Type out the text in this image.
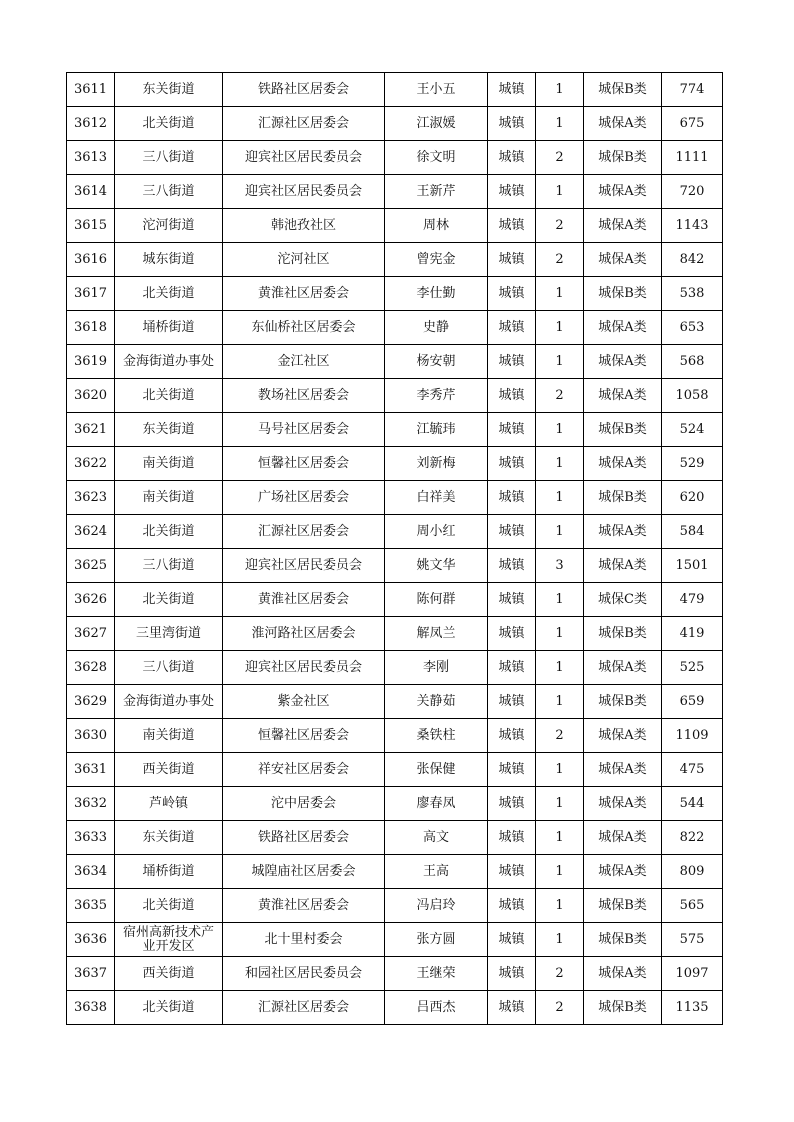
3611	东关街道	铁路社区居委会	王小五	城镇	1	城保B类	774
3612	北关街道	汇源社区居委会	江淑媛	城镇	1	城保A类	675
3613	三八街道	迎宾社区居民委员会	徐文明	城镇	2	城保B类	1111
3614	三八街道	迎宾社区居民委员会	王新芹	城镇	1	城保A类	720
3615	沱河街道	韩池孜社区	周林	城镇	2	城保A类	1143
3616	城东街道	沱河社区	曾宪金	城镇	2	城保A类	842
3617	北关街道	黄淮社区居委会	李仕勤	城镇	1	城保B类	538
3618	埇桥街道	东仙桥社区居委会	史静	城镇	1	城保A类	653
3619	金海街道办事处	金江社区	杨安朝	城镇	1	城保A类	568
3620	北关街道	教场社区居委会	李秀芹	城镇	2	城保A类	1058
3621	东关街道	马号社区居委会	江毓玮	城镇	1	城保B类	524
3622	南关街道	恒馨社区居委会	刘新梅	城镇	1	城保A类	529
3623	南关街道	广场社区居委会	白祥美	城镇	1	城保B类	620
3624	北关街道	汇源社区居委会	周小红	城镇	1	城保A类	584
3625	三八街道	迎宾社区居民委员会	姚文华	城镇	3	城保A类	1501
3626	北关街道	黄淮社区居委会	陈何群	城镇	1	城保C类	479
3627	三里湾街道	淮河路社区居委会	解凤兰	城镇	1	城保B类	419
3628	三八街道	迎宾社区居民委员会	李刚	城镇	1	城保A类	525
3629	金海街道办事处	紫金社区	关静茹	城镇	1	城保B类	659
3630	南关街道	恒馨社区居委会	桑铁柱	城镇	2	城保A类	1109
3631	西关街道	祥安社区居委会	张保健	城镇	1	城保A类	475
3632	芦岭镇	沱中居委会	廖春凤	城镇	1	城保A类	544
3633	东关街道	铁路社区居委会	高文	城镇	1	城保A类	822
3634	埇桥街道	城隍庙社区居委会	王高	城镇	1	城保A类	809
3635	北关街道	黄淮社区居委会	冯启玲	城镇	1	城保B类	565
3636	宿州高新技术产业开发区	北十里村委会	张方圆	城镇	1	城保B类	575
3637	西关街道	和园社区居民委员会	王继荣	城镇	2	城保A类	1097
3638	北关街道	汇源社区居委会	吕西杰	城镇	2	城保B类	1135
